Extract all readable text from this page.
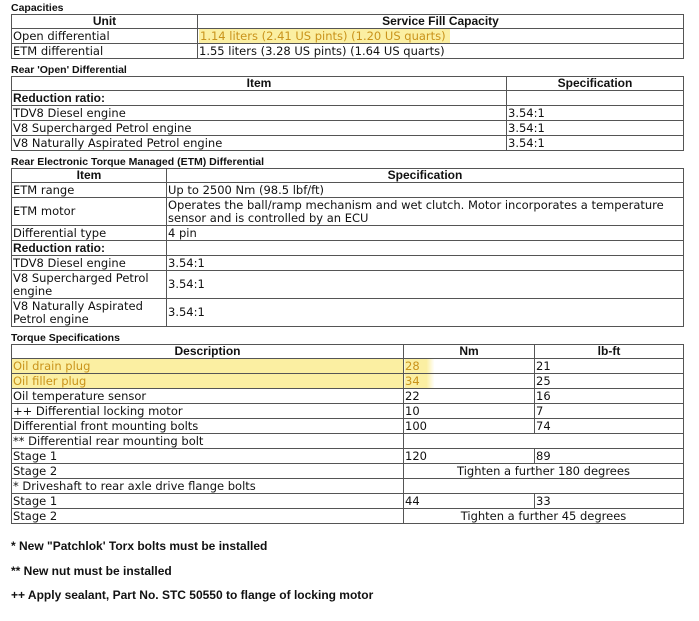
Capacities
Unit	Service Fill Capacity
Open differential	1.14 liters (2.41 US pints) (1.20 US quarts)
ETM differential	1.55 liters (3.28 US pints) (1.64 US quarts)
Rear 'Open' Differential
Item	Specification
Reduction ratio:	
TDV8 Diesel engine	3.54:1
V8 Supercharged Petrol engine	3.54:1
V8 Naturally Aspirated Petrol engine	3.54:1
Rear Electronic Torque Managed (ETM) Differential
Item	Specification
ETM range	Up to 2500 Nm (98.5 lbf/ft)
ETM motor	Operates the ball/ramp mechanism and wet clutch. Motor incorporates a temperature sensor and is controlled by an ECU
Differential type	4 pin
Reduction ratio:	
TDV8 Diesel engine	3.54:1
V8 Supercharged Petrol engine	3.54:1
V8 Naturally Aspirated Petrol engine	3.54:1
Torque Specifications
Description	Nm	lb-ft
Oil drain plug	28	21
Oil filler plug	34	25
Oil temperature sensor	22	16
++ Differential locking motor	10	7
Differential front mounting bolts	100	74
** Differential rear mounting bolt		
Stage 1	120	89
Stage 2	Tighten a further 180 degrees	
* Driveshaft to rear axle drive flange bolts		
Stage 1	44	33
Stage 2	Tighten a further 45 degrees	
* New "Patchlok' Torx bolts must be installed
** New nut must be installed
++ Apply sealant, Part No. STC 50550 to flange of locking motor
